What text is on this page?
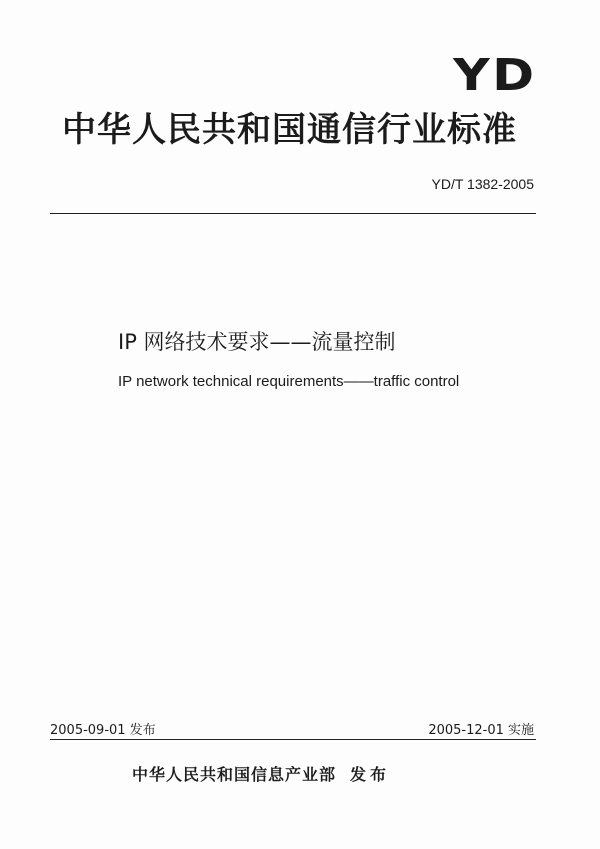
YD
中华人民共和国通信行业标准
YD/T 1382-2005
IP 网络技术要求——流量控制
IP network technical requirements——traffic control
2005-09-01 发布	2005-12-01 实施
中华人民共和国信息产业部 发布
